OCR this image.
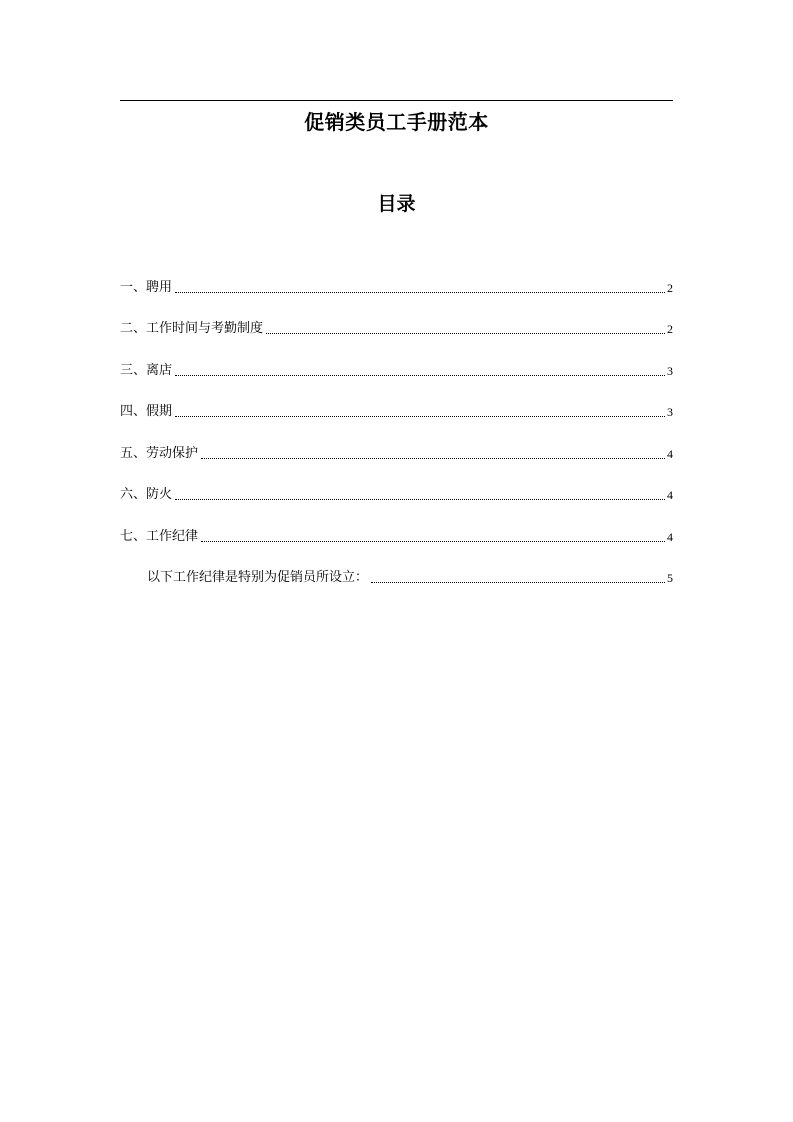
促销类员工手册范本
目录
一、聘用	2
二、工作时间与考勤制度	2
三、离店	3
四、假期	3
五、劳动保护	4
六、防火	4
七、工作纪律	4
以下工作纪律是特别为促销员所设立：	5
